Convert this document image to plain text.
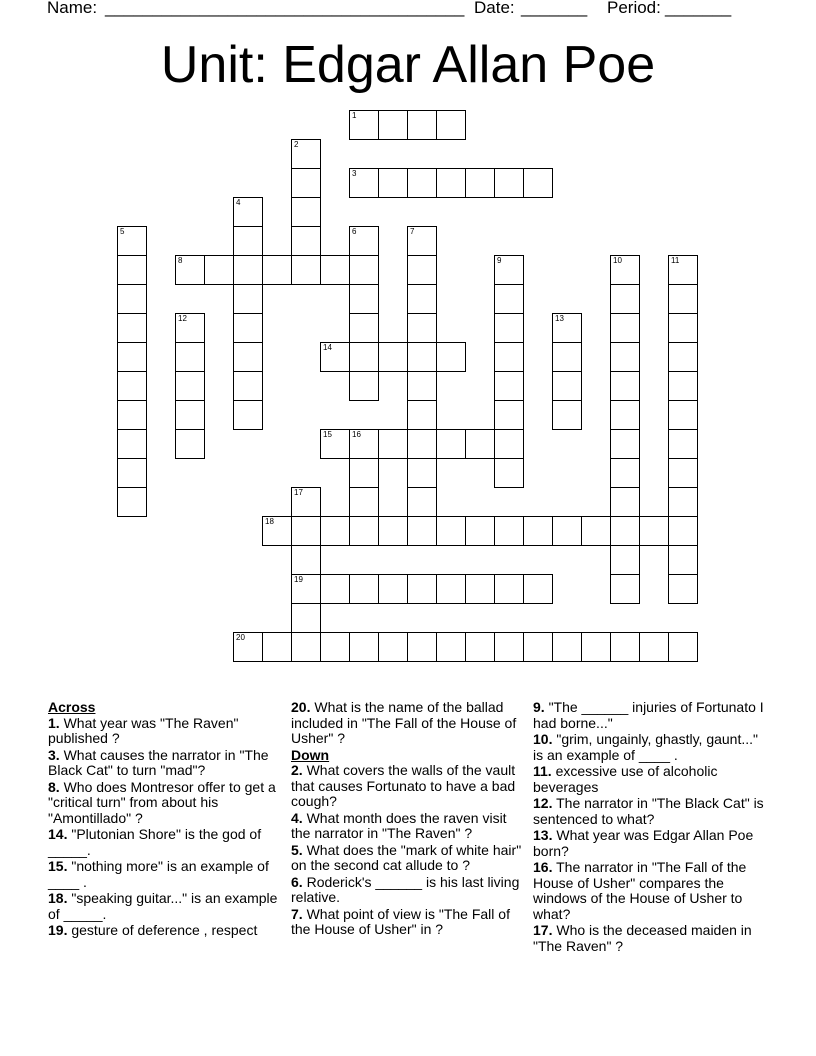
Name: ______________________________________ Date: _______ Period: _______
Unit: Edgar Allan Poe
1
2
3
4
5	6	7
8	9	10	11
12	13
14
15	16
17
19
18
20
Across
1. What year was "The Raven" published ?
3. What causes the narrator in "The Black Cat" to turn "mad"?
8. Who does Montresor offer to get a "critical turn" from about his "Amontillado" ?
14. "Plutonian Shore" is the god of _____.
15. "nothing more" is an example of ____ .
18. "speaking guitar..." is an example of _____.
19. gesture of deference , respect
20. What is the name of the ballad included in "The Fall of the House of Usher" ?
Down
2. What covers the walls of the vault that causes Fortunato to have a bad cough?
4. What month does the raven visit the narrator in "The Raven" ?
5. What does the "mark of white hair" on the second cat allude to ?
6. Roderick's ______ is his last living relative.
7. What point of view is "The Fall of the House of Usher" in ?
9. "The ______ injuries of Fortunato I had borne..."
10. "grim, ungainly, ghastly, gaunt..." is an example of ____ .
11. excessive use of alcoholic beverages
12. The narrator in "The Black Cat" is sentenced to what?
13. What year was Edgar Allan Poe born?
16. The narrator in "The Fall of the House of Usher" compares the windows of the House of Usher to what?
17. Who is the deceased maiden in "The Raven" ?
